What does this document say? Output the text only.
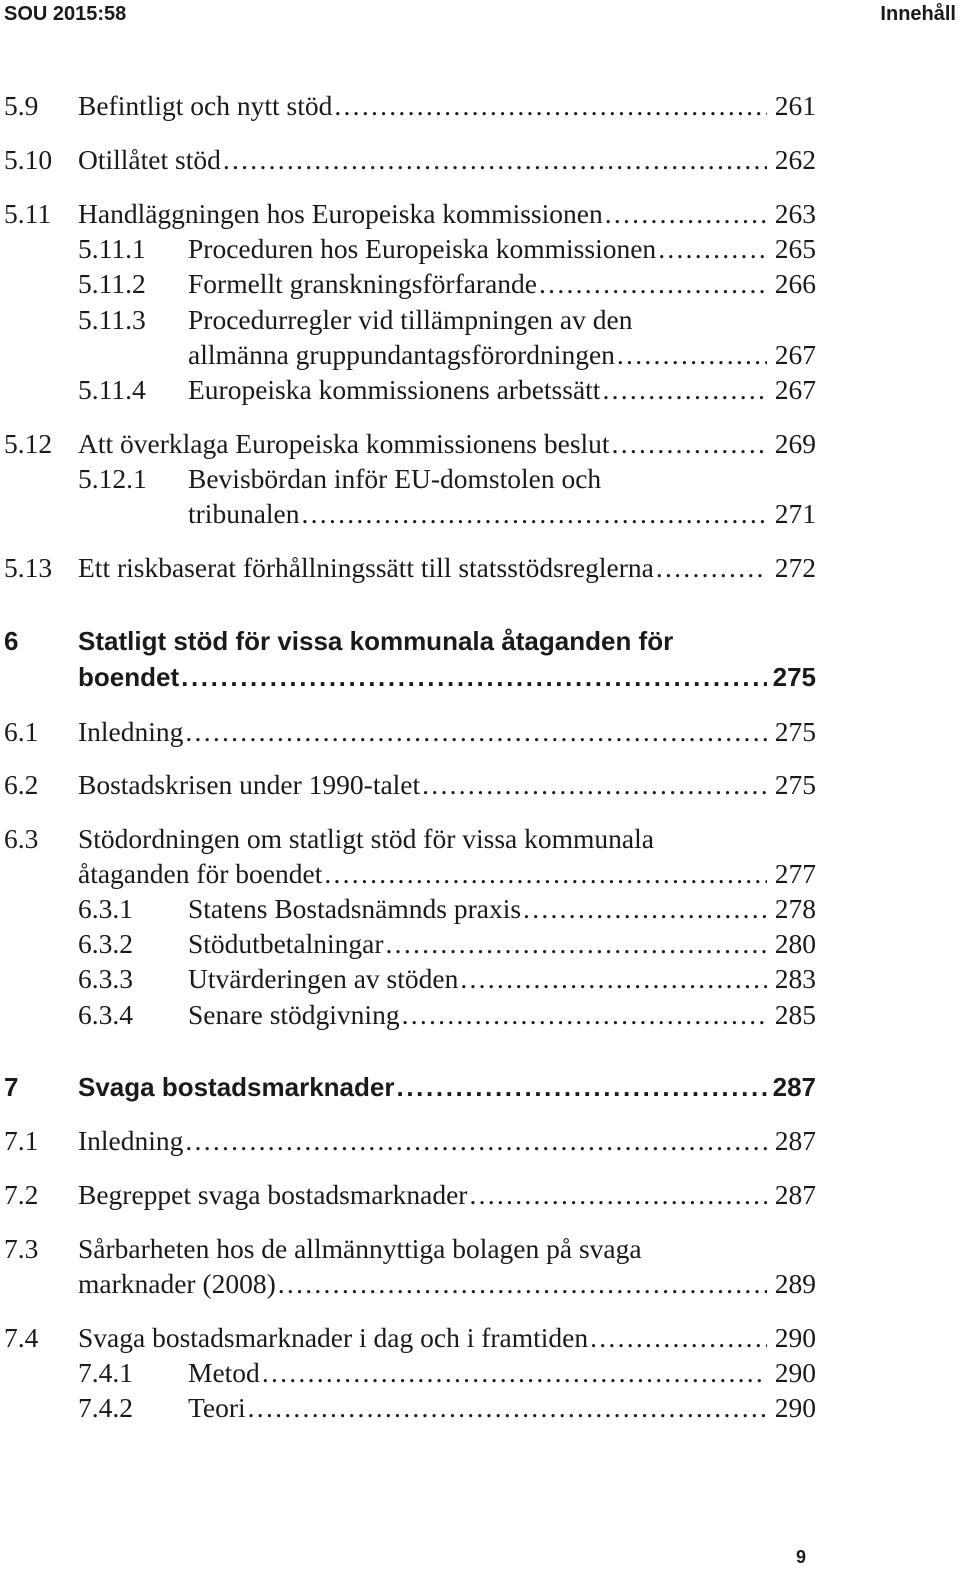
SOU 2015:58	Innehåll
5.9 Befintligt och nytt stöd . . .	261
5.10 Otillåtet stöd . . .	262
5.11 Handläggningen hos Europeiska kommissionen . . .	263
5.11.1 Proceduren hos Europeiska kommissionen . . .	265
5.11.2 Formellt granskningsförfarande . . .	266
5.11.3 Procedurregler vid tillämpningen av den
allmänna gruppundantagsförordningen . . .	267
5.11.4 Europeiska kommissionens arbetssätt . . .	267
5.12 Att överklaga Europeiska kommissionens beslut . . .	269
5.12.1 Bevisbördan inför EU-domstolen och
tribunalen . . .	271
5.13 Ett riskbaserat förhållningssätt till statsstödsreglerna . . .	272
6 Statligt stöd för vissa kommunala åtaganden för
boendet . . .	275
6.1 Inledning . . .	275
6.2 Bostadskrisen under 1990-talet . . .	275
6.3 Stödordningen om statligt stöd för vissa kommunala
åtaganden för boendet . . .	277
6.3.1 Statens Bostadsnämnds praxis . . .	278
6.3.2 Stödutbetalningar . . .	280
6.3.3 Utvärderingen av stöden . . .	283
6.3.4 Senare stödgivning . . .	285
7 Svaga bostadsmarknader . . .	287
7.1 Inledning . . .	287
7.2 Begreppet svaga bostadsmarknader . . .	287
7.3 Sårbarheten hos de allmännyttiga bolagen på svaga
marknader (2008) . . .	289
7.4 Svaga bostadsmarknader i dag och i framtiden . . .	290
7.4.1 Metod . . .	290
7.4.2 Teori . . .	290
9
